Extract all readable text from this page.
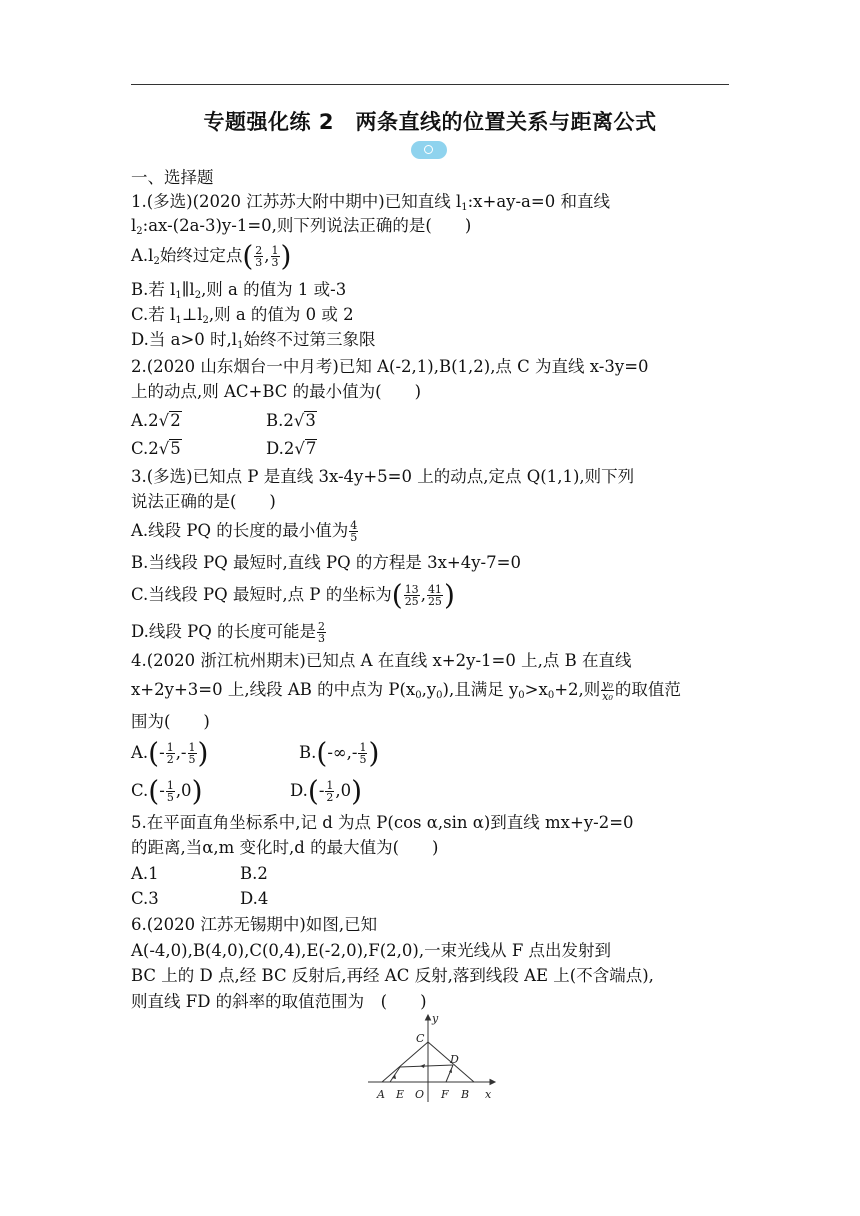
专题强化练 2　两条直线的位置关系与距离公式
60min
一、选择题
1.(多选)(2020 江苏苏大附中期中)已知直线 $l_1:x+ay-a=0$ 和直线
$l_2:ax-(2a-3)y-1=0$,则下列说法正确的是(　　)
$A.l_2$始终过定点( $\frac{2}{3}$ , $\frac{1}{3}$ )
B.若 $l_1\parallel l_2$,则 a 的值为 1 或-3
C.若 $l_1\perp l_2$,则 a 的值为 0 或 2
D.当 a>0 时$,l_1$始终不过第三象限
2.(2020 山东烟台一中月考)已知 A(-2,1),B(1,2),点 C 为直线 x-3y=0
上的动点,则 AC+BC 的最小值为(　　)
A.2√2	B.2√3
C.2√5	D.2√7
3.(多选)已知点 P 是直线 3x-4y+5=0 上的动点,定点 Q(1,1),则下列
说法正确的是(　　)
A.线段 PQ 的长度的最小值为 $\frac{4}{5}$
B.当线段 PQ 最短时,直线 PQ 的方程是 3x+4y-7=0
C.当线段 PQ 最短时,点 P 的坐标为( $\frac{13}{25}$ , $\frac{41}{25}$ )
D.线段 PQ 的长度可能是 $\frac{2}{3}$
4.(2020 浙江杭州期末)已知点 A 在直线 x+2y-1=0 上,点 B 在直线
x+2y+3=0 上,线段 AB 的中点为 $P(x_0,y_0)$,且满足 $y_0>x_0+2$,则 $\frac{\text{y₀}}{\text{x₀}}$ 的取值范
围为(　　)
$A.(- \frac{1}{2}$ ,- $\frac{1}{5}$ )	$B.(-\infty,- \frac{1}{5}$ )
$C.(- \frac{1}{5} ,0)$	$D.(- \frac{1}{2} ,0)$
5.在平面直角坐标系中,记 d 为点 P(cos α,sin α)到直线 mx+y-2=0
的距离,当α,m 变化时,d 的最大值为(　　)
A.1	B.2
C.3	D.4
6.(2020 江苏无锡期中)如图,已知
A(-4,0),B(4,0),C(0,4),E(-2,0),F(2,0),一束光线从 F 点出发射到
BC 上的 D 点,经 BC 反射后,再经 AC 反射,落到线段 AE 上(不含端点),
则直线 FD 的斜率的取值范围为　(　　)
y
C
D
A E O F B x
